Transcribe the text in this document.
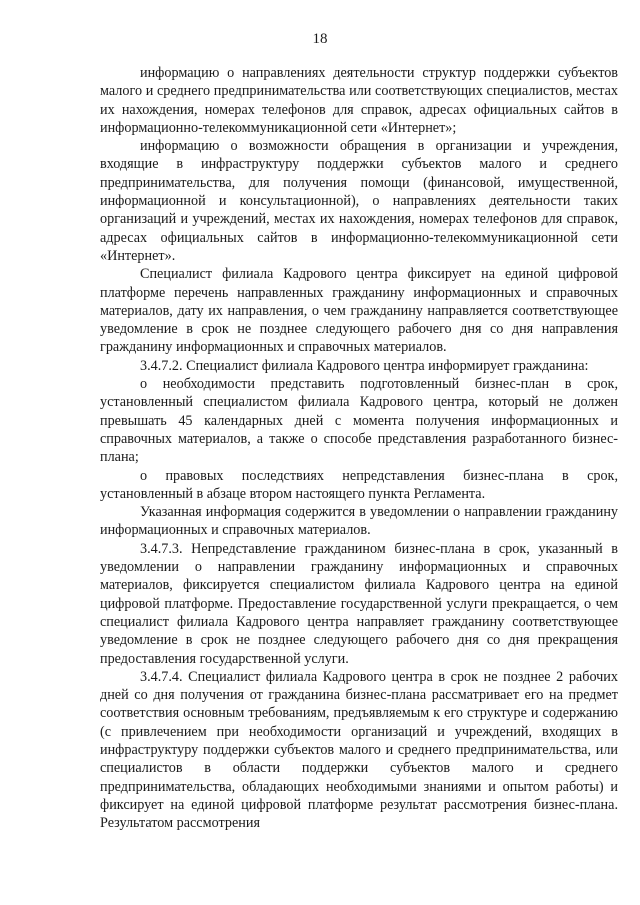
18

информацию о направлениях деятельности структур поддержки субъектов малого и среднего предпринимательства или соответствующих специалистов, местах их нахождения, номерах телефонов для справок, адресах официальных сайтов в информационно-телекоммуникационной сети «Интернет»;

информацию о возможности обращения в организации и учреждения, входящие в инфраструктуру поддержки субъектов малого и среднего предпринимательства, для получения помощи (финансовой, имущественной, информационной и консультационной), о направлениях деятельности таких организаций и учреждений, местах их нахождения, номерах телефонов для справок, адресах официальных сайтов в информационно-телекоммуникационной сети «Интернет».

Специалист филиала Кадрового центра фиксирует на единой цифровой платформе перечень направленных гражданину информационных и справочных материалов, дату их направления, о чем гражданину направляется соответствующее уведомление в срок не позднее следующего рабочего дня со дня направления гражданину информационных и справочных материалов.

3.4.7.2. Специалист филиала Кадрового центра информирует гражданина:

о необходимости представить подготовленный бизнес-план в срок, установленный специалистом филиала Кадрового центра, который не должен превышать 45 календарных дней с момента получения информационных и справочных материалов, а также о способе представления разработанного бизнес-плана;

о правовых последствиях непредставления бизнес-плана в срок, установленный в абзаце втором настоящего пункта Регламента.

Указанная информация содержится в уведомлении о направлении гражданину информационных и справочных материалов.

3.4.7.3. Непредставление гражданином бизнес-плана в срок, указанный в уведомлении о направлении гражданину информационных и справочных материалов, фиксируется специалистом филиала Кадрового центра на единой цифровой платформе. Предоставление государственной услуги прекращается, о чем специалист филиала Кадрового центра направляет гражданину соответствующее уведомление в срок не позднее следующего рабочего дня со дня прекращения предоставления государственной услуги.

3.4.7.4. Специалист филиала Кадрового центра в срок не позднее 2 рабочих дней со дня получения от гражданина бизнес-плана рассматривает его на предмет соответствия основным требованиям, предъявляемым к его структуре и содержанию (с привлечением при необходимости организаций и учреждений, входящих в инфраструктуру поддержки субъектов малого и среднего предпринимательства, или специалистов в области поддержки субъектов малого и среднего предпринимательства, обладающих необходимыми знаниями и опытом работы) и фиксирует на единой цифровой платформе результат рассмотрения бизнес-плана. Результатом рассмотрения
